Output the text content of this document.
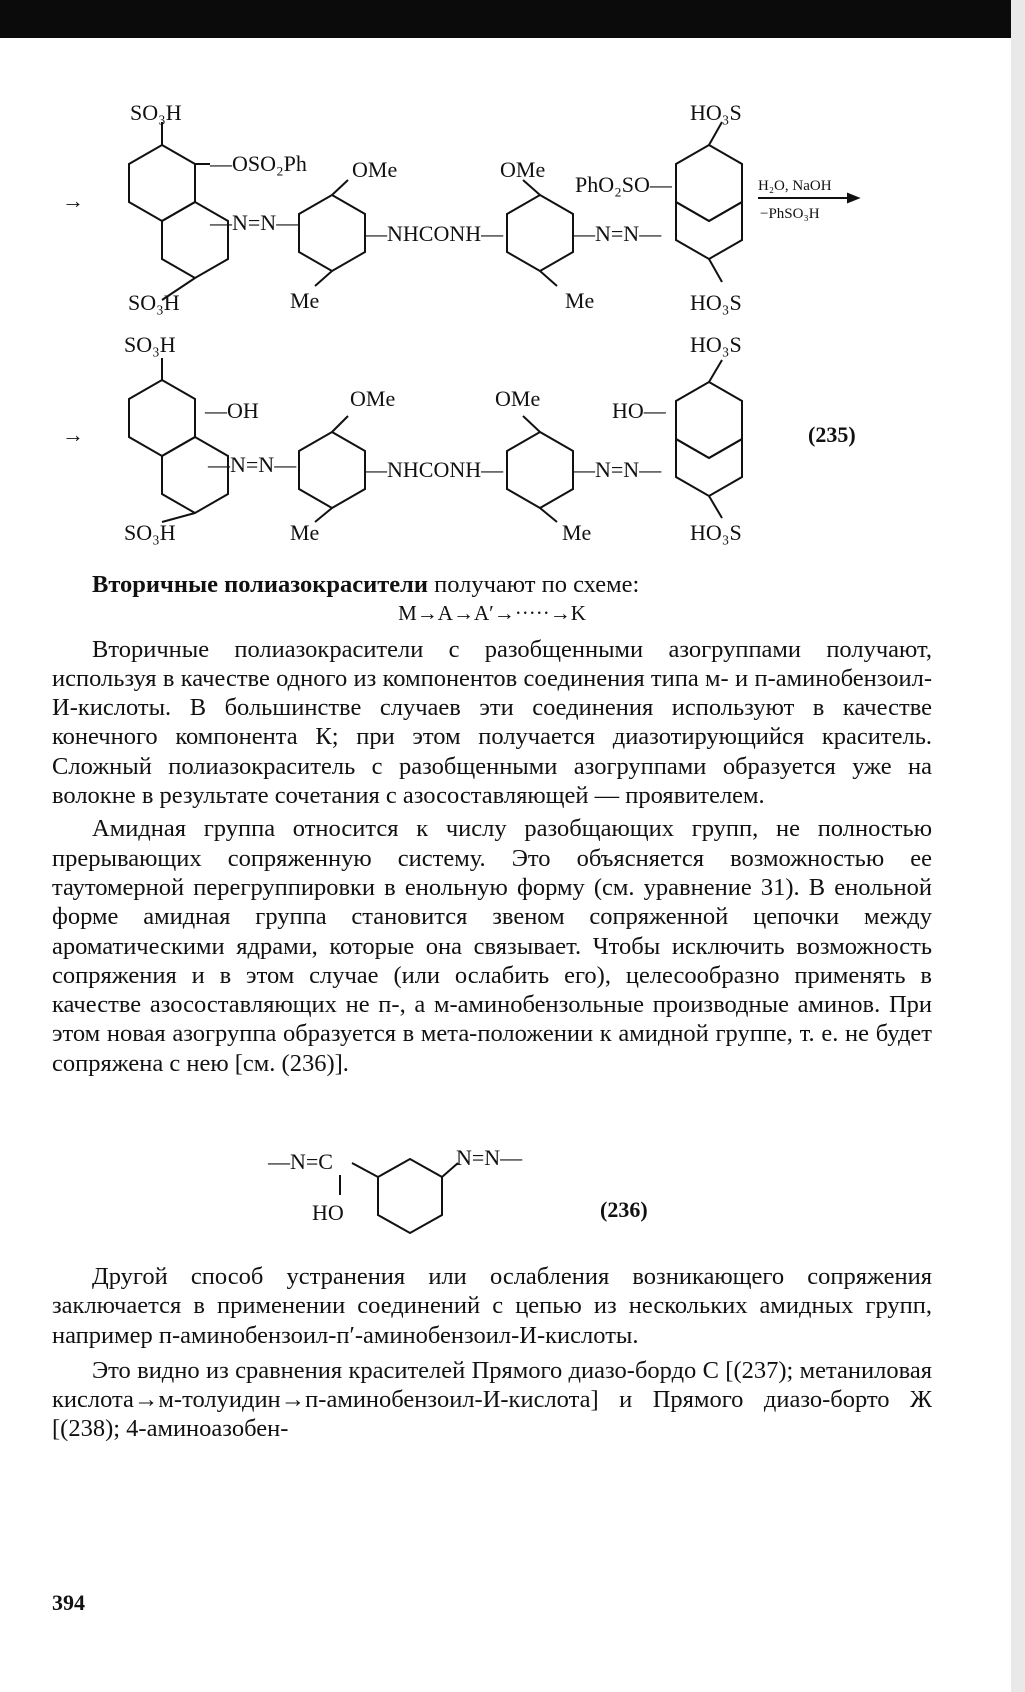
→
SO₃H
—OSO₂Ph
SO₃H
—N=N—
OMe
Me
—NHCONH—
OMe
Me
—N=N—
HO₃S
PhO₂SO—
HO₃S
H₂O, NaOH
−PhSO₃H
→
SO₃H
—OH
SO₃H
—N=N—
OMe
Me
—NHCONH—
OMe
Me
—N=N—
HO₃S
HO—
HO₃S
(235)

Вторичные полиазокрасители получают по схеме:

M→A→A′→·····→K

Вторичные полиазокрасители с разобщенными азогруппами получают, используя в качестве одного из компонентов соединения типа м- и п-аминобензоил-И-кислоты. В большинстве случаев эти соединения используют в качестве конечного компонента К; при этом получается диазотирующийся краситель. Сложный полиазокраситель с разобщенными азогруппами образуется уже на волокне в результате сочетания с азосоставляющей — проявителем.

Амидная группа относится к числу разобщающих групп, не полностью прерывающих сопряженную систему. Это объясняется возможностью ее таутомерной перегруппировки в енольную форму (см. уравнение 31). В енольной форме амидная группа становится звеном сопряженной цепочки между ароматическими ядрами, которые она связывает. Чтобы исключить возможность сопряжения и в этом случае (или ослабить его), целесообразно применять в качестве азосоставляющих не п-, а м-аминобензольные производные аминов. При этом новая азогруппа образуется в мета-положении к амидной группе, т. е. не будет сопряжена с нею [см. (236)].

—N=C
HO
N=N—
(236)

Другой способ устранения или ослабления возникающего сопряжения заключается в применении соединений с цепью из нескольких амидных групп, например п-аминобензоил-п′-аминобензоил-И-кислоты.

Это видно из сравнения красителей Прямого диазо-бордо С [(237); метаниловая кислота→м-толуидин→п-аминобензоил-И-кислота] и Прямого диазо-борто Ж [(238); 4-аминоазобен-

394
